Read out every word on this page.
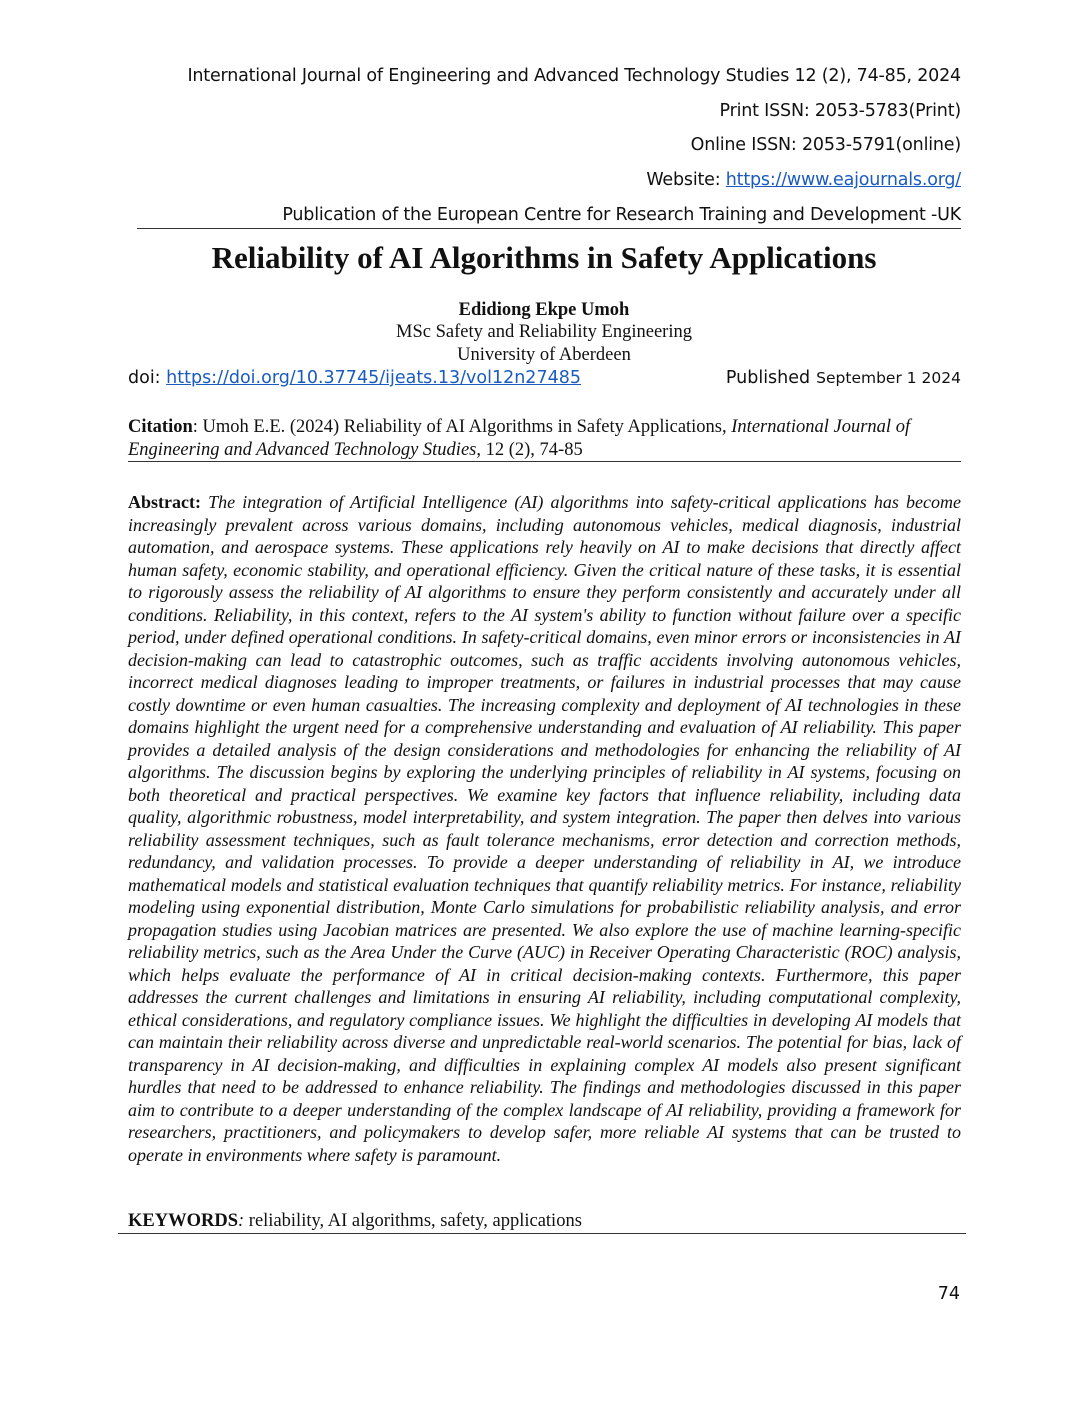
International Journal of Engineering and Advanced Technology Studies 12 (2), 74-85, 2024
Print ISSN: 2053-5783(Print)
Online ISSN: 2053-5791(online)
Website: https://www.eajournals.org/
Publication of the European Centre for Research Training and Development -UK
Reliability of AI Algorithms in Safety Applications
Edidiong Ekpe Umoh
MSc Safety and Reliability Engineering
University of Aberdeen
doi: https://doi.org/10.37745/ijeats.13/vol12n27485	Published September 1 2024
Citation: Umoh E.E. (2024) Reliability of AI Algorithms in Safety Applications, International Journal of Engineering and Advanced Technology Studies, 12 (2), 74-85
Abstract: The integration of Artificial Intelligence (AI) algorithms into safety-critical applications has become increasingly prevalent across various domains, including autonomous vehicles, medical diagnosis, industrial automation, and aerospace systems. These applications rely heavily on AI to make decisions that directly affect human safety, economic stability, and operational efficiency. Given the critical nature of these tasks, it is essential to rigorously assess the reliability of AI algorithms to ensure they perform consistently and accurately under all conditions. Reliability, in this context, refers to the AI system's ability to function without failure over a specific period, under defined operational conditions. In safety-critical domains, even minor errors or inconsistencies in AI decision-making can lead to catastrophic outcomes, such as traffic accidents involving autonomous vehicles, incorrect medical diagnoses leading to improper treatments, or failures in industrial processes that may cause costly downtime or even human casualties. The increasing complexity and deployment of AI technologies in these domains highlight the urgent need for a comprehensive understanding and evaluation of AI reliability. This paper provides a detailed analysis of the design considerations and methodologies for enhancing the reliability of AI algorithms. The discussion begins by exploring the underlying principles of reliability in AI systems, focusing on both theoretical and practical perspectives. We examine key factors that influence reliability, including data quality, algorithmic robustness, model interpretability, and system integration. The paper then delves into various reliability assessment techniques, such as fault tolerance mechanisms, error detection and correction methods, redundancy, and validation processes. To provide a deeper understanding of reliability in AI, we introduce mathematical models and statistical evaluation techniques that quantify reliability metrics. For instance, reliability modeling using exponential distribution, Monte Carlo simulations for probabilistic reliability analysis, and error propagation studies using Jacobian matrices are presented. We also explore the use of machine learning-specific reliability metrics, such as the Area Under the Curve (AUC) in Receiver Operating Characteristic (ROC) analysis, which helps evaluate the performance of AI in critical decision-making contexts. Furthermore, this paper addresses the current challenges and limitations in ensuring AI reliability, including computational complexity, ethical considerations, and regulatory compliance issues. We highlight the difficulties in developing AI models that can maintain their reliability across diverse and unpredictable real-world scenarios. The potential for bias, lack of transparency in AI decision-making, and difficulties in explaining complex AI models also present significant hurdles that need to be addressed to enhance reliability. The findings and methodologies discussed in this paper aim to contribute to a deeper understanding of the complex landscape of AI reliability, providing a framework for researchers, practitioners, and policymakers to develop safer, more reliable AI systems that can be trusted to operate in environments where safety is paramount.
KEYWORDS: reliability, AI algorithms, safety, applications
74
